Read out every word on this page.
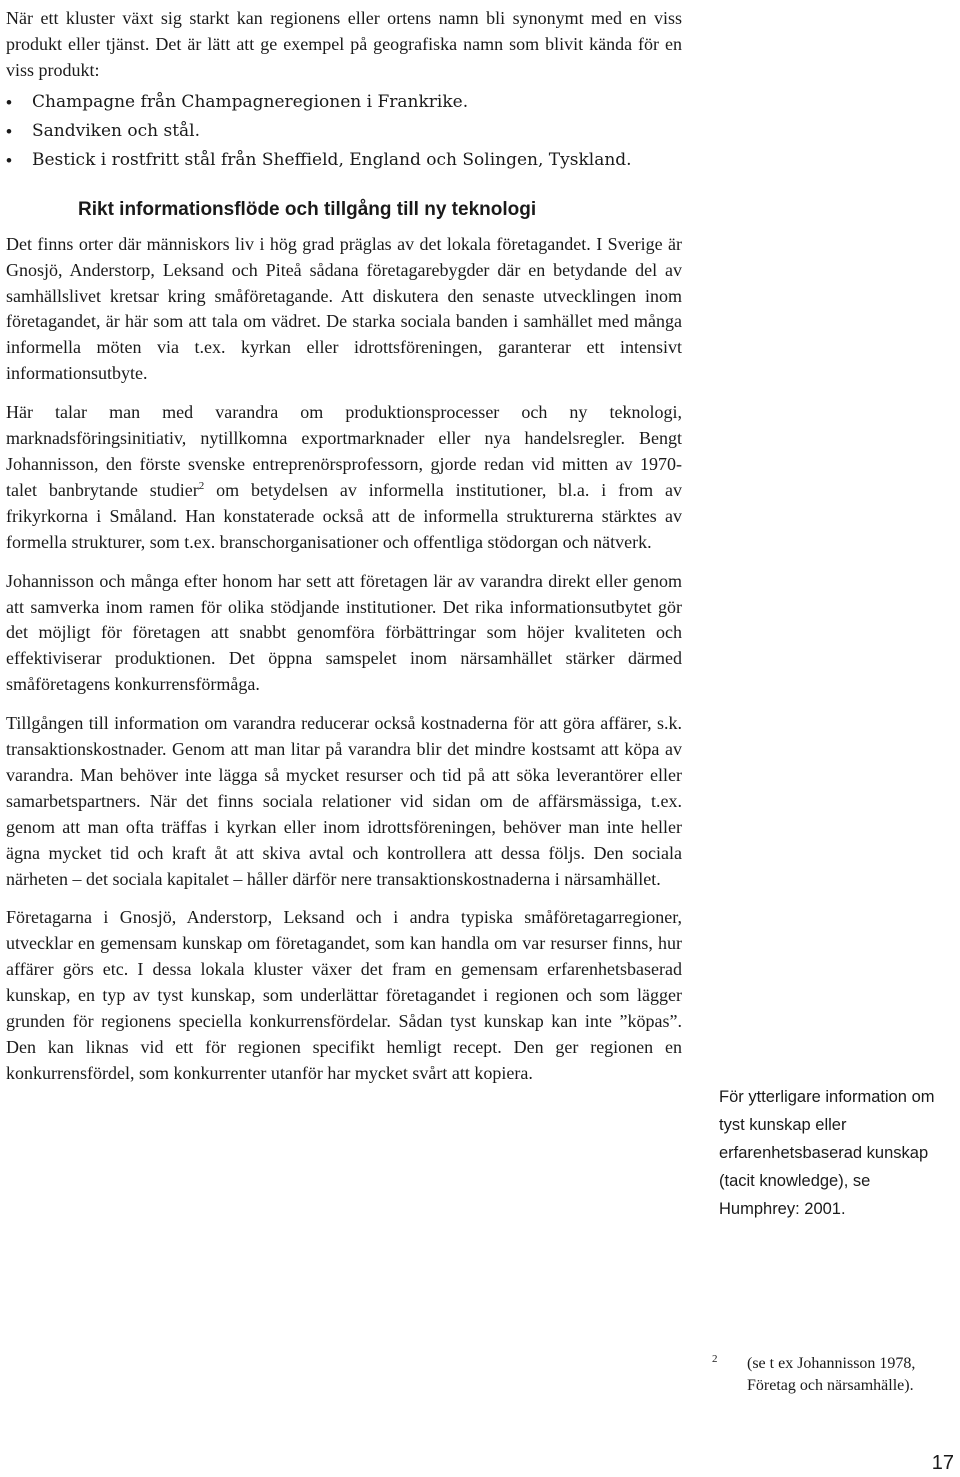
När ett kluster växt sig starkt kan regionens eller ortens namn bli synonymt med en viss produkt eller tjänst. Det är lätt att ge exempel på geografiska namn som blivit kända för en viss produkt:

• Champagne från Champagneregionen i Frankrike.
• Sandviken och stål.
• Bestick i rostfritt stål från Sheffield, England och Solingen, Tyskland.
Rikt informationsflöde och tillgång till ny teknologi

Det finns orter där människors liv i hög grad präglas av det lokala företagandet. I Sverige är Gnosjö, Anderstorp, Leksand och Piteå sådana företagarebygder där en betydande del av samhällslivet kretsar kring småföretagande. Att diskutera den senaste utvecklingen inom företagandet, är här som att tala om vädret. De starka sociala banden i samhället med många informella möten via t.ex. kyrkan eller idrottsföreningen, garanterar ett intensivt informationsutbyte.

Här talar man med varandra om produktionsprocesser och ny teknologi, marknadsföringsinitiativ, nytillkomna exportmarknader eller nya handelsregler. Bengt Johannisson, den förste svenske entreprenörsprofessorn, gjorde redan vid mitten av 1970-talet banbrytande studier$^2$ om betydelsen av informella institutioner, bl.a. i from av frikyrkorna i Småland. Han konstaterade också att de informella strukturerna stärktes av formella strukturer, som t.ex. branschorganisationer och offentliga stödorgan och nätverk.

Johannisson och många efter honom har sett att företagen lär av varandra direkt eller genom att samverka inom ramen för olika stödjande institutioner. Det rika informationsutbytet gör det möjligt för företagen att snabbt genomföra förbättringar som höjer kvaliteten och effektiviserar produktionen. Det öppna samspelet inom närsamhället stärker därmed småföretagens konkurrensförmåga.

Tillgången till information om varandra reducerar också kostnaderna för att göra affärer, s.k. transaktionskostnader. Genom att man litar på varandra blir det mindre kostsamt att köpa av varandra. Man behöver inte lägga så mycket resurser och tid på att söka leverantörer eller samarbetspartners. När det finns sociala relationer vid sidan om de affärsmässiga, t.ex. genom att man ofta träffas i kyrkan eller inom idrottsföreningen, behöver man inte heller ägna mycket tid och kraft åt att skiva avtal och kontrollera att dessa följs. Den sociala närheten – det sociala kapitalet – håller därför nere transaktionskostnaderna i närsamhället.

Företagarna i Gnosjö, Anderstorp, Leksand och i andra typiska småföretagarregioner, utvecklar en gemensam kunskap om företagandet, som kan handla om var resurser finns, hur affärer görs etc. I dessa lokala kluster växer det fram en gemensam erfarenhetsbaserad kunskap, en typ av tyst kunskap, som underlättar företagandet i regionen och som lägger grunden för regionens speciella konkurrensfördelar. Sådan tyst kunskap kan inte ”köpas”. Den kan liknas vid ett för regionen specifikt hemligt recept. Den ger regionen en konkurrensfördel, som konkurrenter utanför har mycket svårt att kopiera.

För ytterligare information om tyst kunskap eller erfarenhetsbaserad kunskap (tacit knowledge), se Humphrey: 2001.
2	(se t ex Johannisson 1978, Företag och närsamhälle).
17
